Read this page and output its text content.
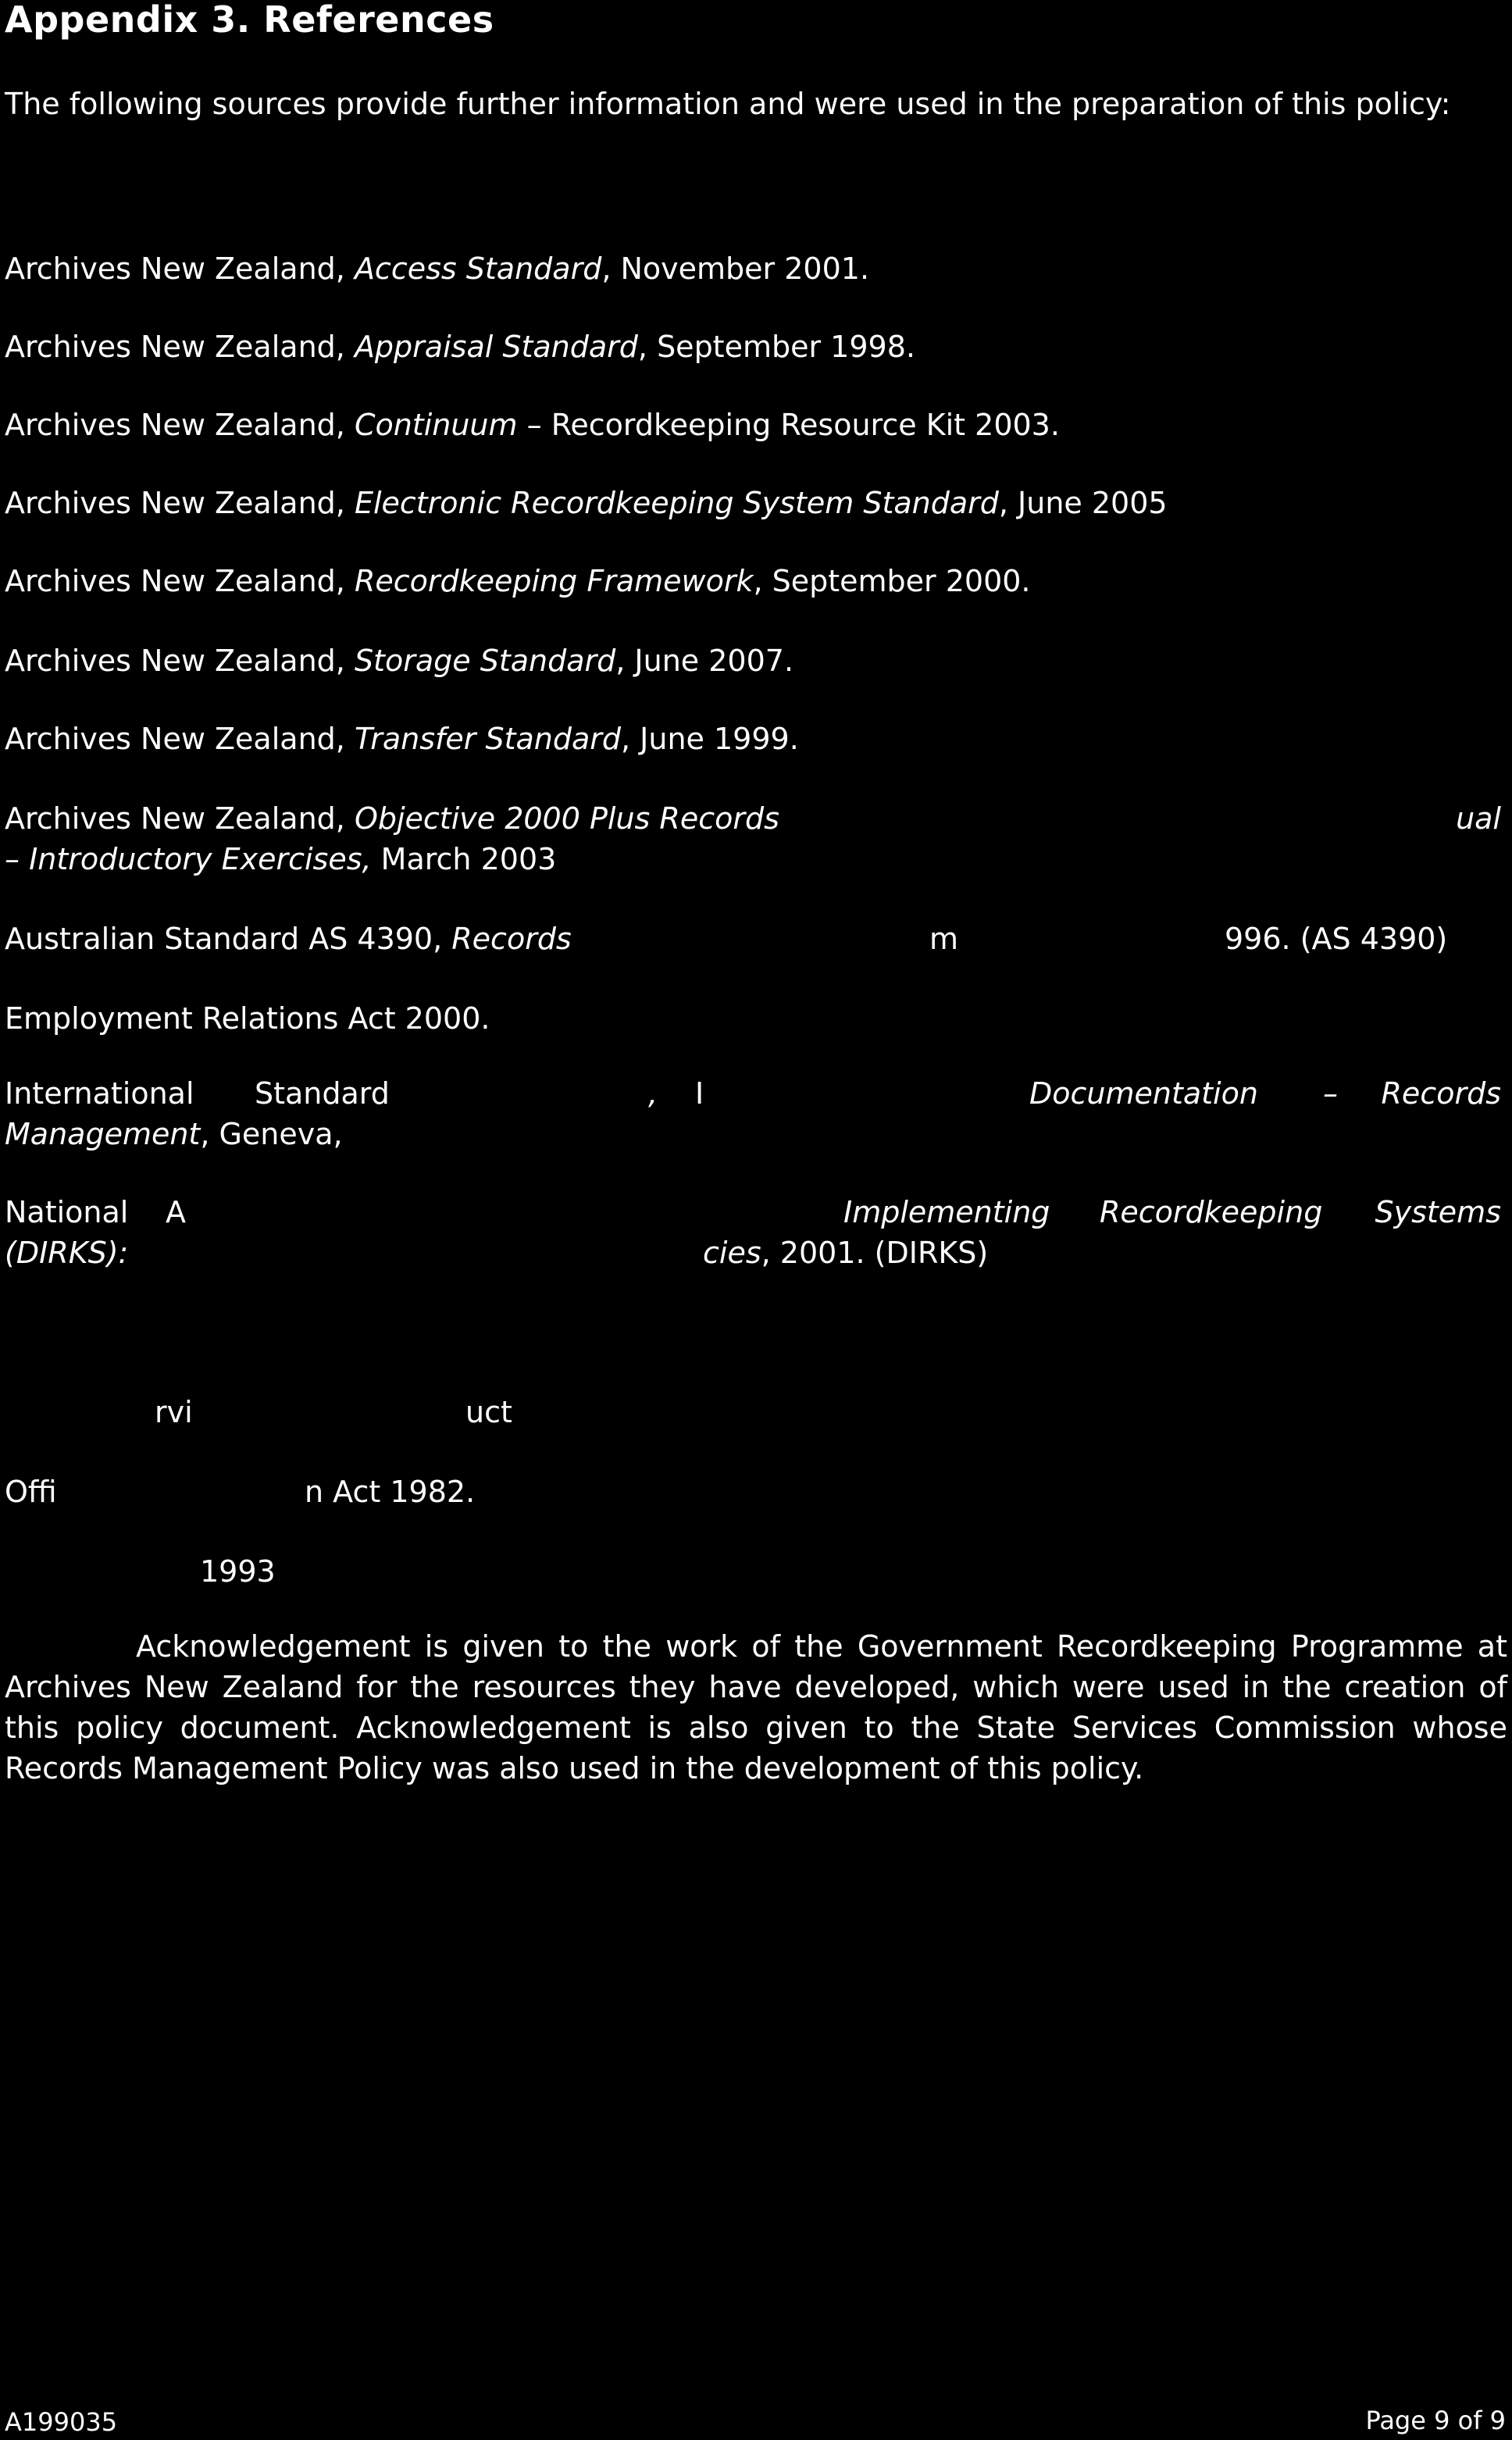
Appendix 3. References

The following sources provide further information and were used in the preparation of this policy:

Archives New Zealand, Access Standard, November 2001.

Archives New Zealand, Appraisal Standard, September 1998.

Archives New Zealand, Continuum – Recordkeeping Resource Kit 2003.

Archives New Zealand, Electronic Recordkeeping System Standard, June 2005

Archives New Zealand, Recordkeeping Framework, September 2000.

Archives New Zealand, Storage Standard, June 2007.

Archives New Zealand, Transfer Standard, June 1999.

Archives New Zealand, Objective 2000 Plus Records	ual
– Introductory Exercises, March 2003

Australian Standard AS 4390, Records	m	996. (AS 4390)

Employment Relations Act 2000.

International Standard	, I	Documentation – Records
Management, Geneva,

National A	Implementing Recordkeeping Systems
(DIRKS):	cies, 2001. (DIRKS)

rvi	uct

Offi	n Act 1982.

1993

Acknowledgement is given to the work of the Government Recordkeeping Programme at Archives New Zealand for the resources they have developed, which were used in the creation of this policy document. Acknowledgement is also given to the State Services Commission whose Records Management Policy was also used in the development of this policy.

A199035	Page 9 of 9
